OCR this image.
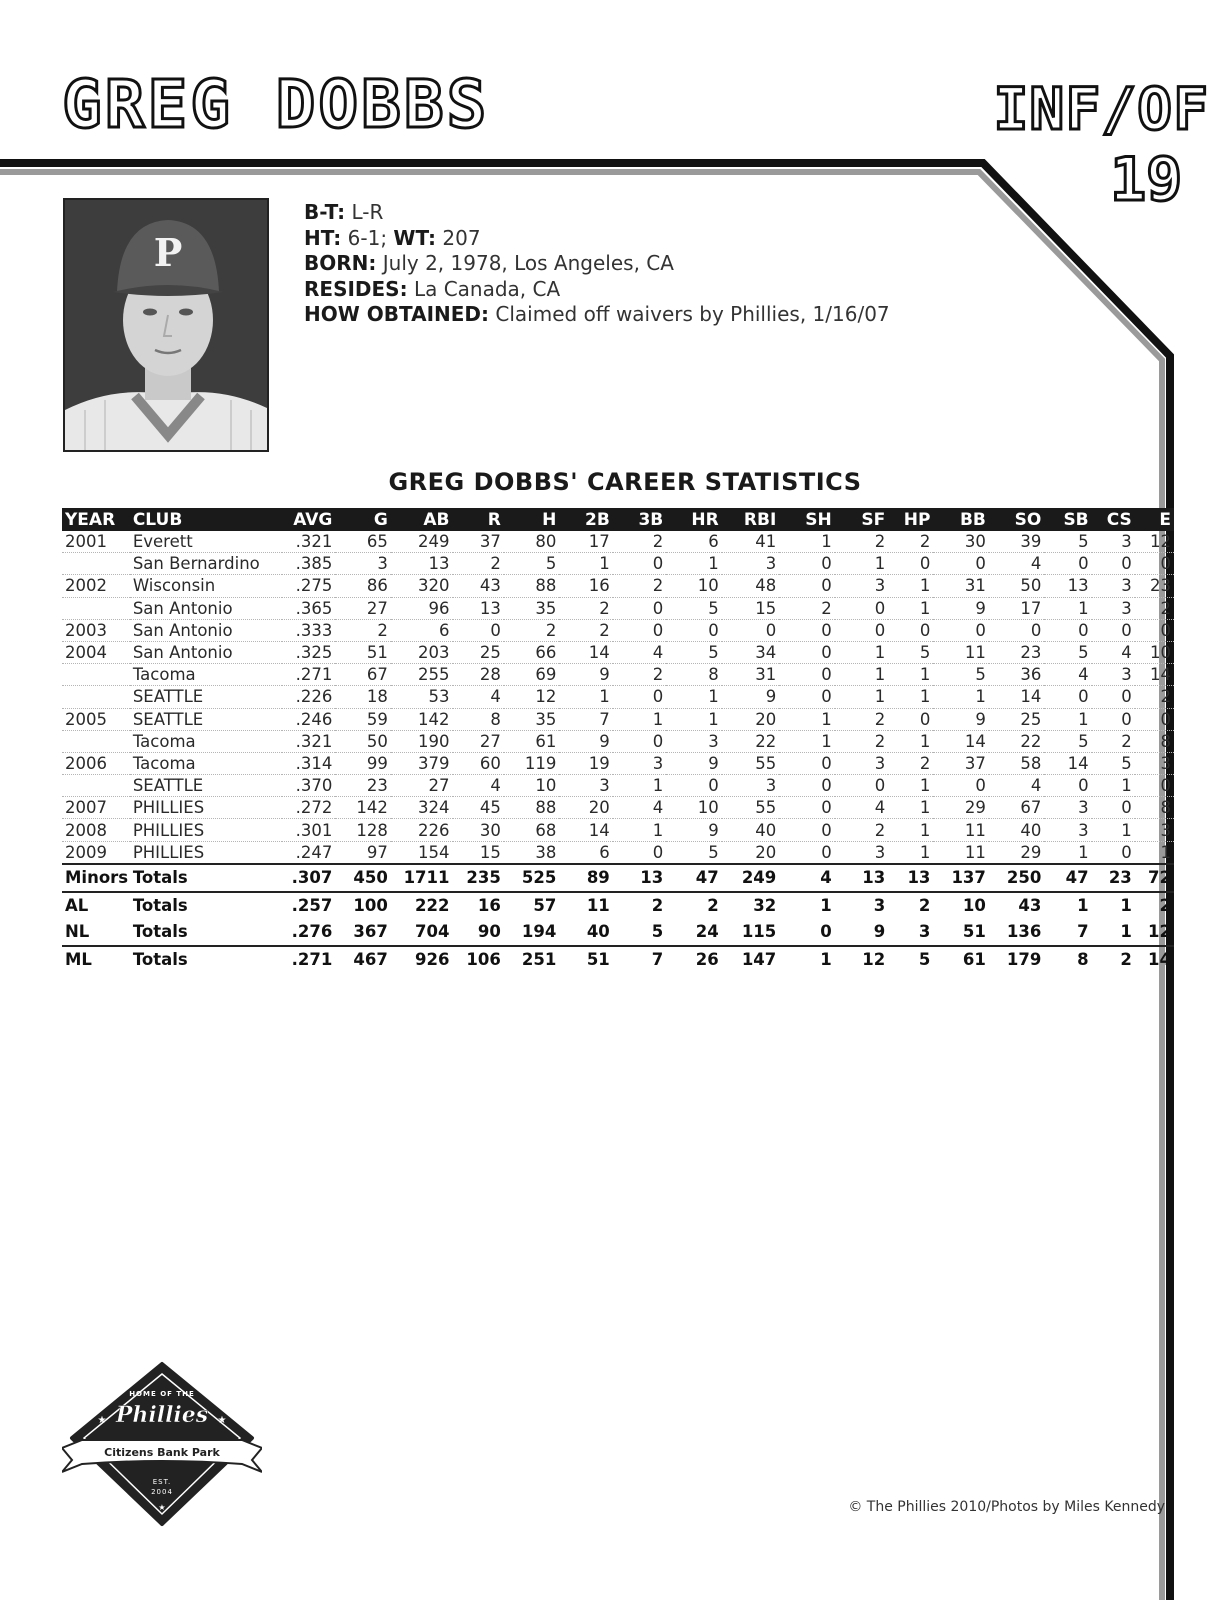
GREG DOBBS	INF/OF
19
P
B-T: L-R
HT: 6-1; WT: 207
BORN: July 2, 1978, Los Angeles, CA
RESIDES: La Canada, CA
HOW OBTAINED: Claimed off waivers by Phillies, 1/16/07
GREG DOBBS' CAREER STATISTICS
YEAR	CLUB	AVG	G	AB	R	H	2B	3B	HR	RBI	SH	SF	HP	BB	SO	SB	CS	E
2001	Everett	.321	65	249	37	80	17	2	6	41	1	2	2	30	39	5	3	12
	San Bernardino	.385	3	13	2	5	1	0	1	3	0	1	0	0	4	0	0	0
2002	Wisconsin	.275	86	320	43	88	16	2	10	48	0	3	1	31	50	13	3	23
	San Antonio	.365	27	96	13	35	2	0	5	15	2	0	1	9	17	1	3	2
2003	San Antonio	.333	2	6	0	2	2	0	0	0	0	0	0	0	0	0	0	0
2004	San Antonio	.325	51	203	25	66	14	4	5	34	0	1	5	11	23	5	4	10
	Tacoma	.271	67	255	28	69	9	2	8	31	0	1	1	5	36	4	3	14
	SEATTLE	.226	18	53	4	12	1	0	1	9	0	1	1	1	14	0	0	2
2005	SEATTLE	.246	59	142	8	35	7	1	1	20	1	2	0	9	25	1	0	0
	Tacoma	.321	50	190	27	61	9	0	3	22	1	2	1	14	22	5	2	8
2006	Tacoma	.314	99	379	60	119	19	3	9	55	0	3	2	37	58	14	5	3
	SEATTLE	.370	23	27	4	10	3	1	0	3	0	0	1	0	4	0	1	0
2007	PHILLIES	.272	142	324	45	88	20	4	10	55	0	4	1	29	67	3	0	8
2008	PHILLIES	.301	128	226	30	68	14	1	9	40	0	2	1	11	40	3	1	3
2009	PHILLIES	.247	97	154	15	38	6	0	5	20	0	3	1	11	29	1	0	1
Minors	Totals	.307	450	1711	235	525	89	13	47	249	4	13	13	137	250	47	23	72
AL	Totals	.257	100	222	16	57	11	2	2	32	1	3	2	10	43	1	1	2
NL	Totals	.276	367	704	90	194	40	5	24	115	0	9	3	51	136	7	1	12
ML	Totals	.271	467	926	106	251	51	7	26	147	1	12	5	61	179	8	2	14
HOME OF THE
Phillies
★	★
Citizens Bank Park
EST.
2004
★	© The Phillies 2010/Photos by Miles Kennedy
